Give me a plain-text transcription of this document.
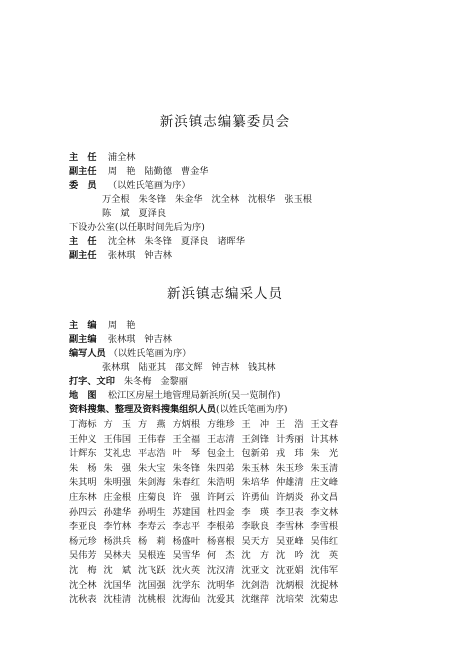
新浜镇志编纂委员会
主　任 浦全林
副主任 周　艳 陆勤德 曹金华
委　员 （以姓氏笔画为序）
万全根 朱冬锋 朱金华 沈全林 沈根华 张玉根
陈　斌 夏泽良
下设办公室(以任职时间先后为序)
主　任 沈全林 朱冬锋 夏泽良 诸晖华
副主任 张林琪 钟吉林
新浜镇志编采人员
主　编 周　艳
副主编 张林琪 钟吉林
编写人员 （以姓氏笔画为序）
张林琪 陆亚其 邵文辉 钟吉林 钱其林
打字、文印 朱冬梅 金黎丽
地　图 松江区房屋土地管理局新浜所(吴一览制作)
资料搜集、整理及资料搜集组织人员(以姓氏笔画为序)
丁海标 方　玉 方　燕 方炳根 方维珍 王　冲 王　浩 王文春
王仲义 王伟国 王伟春 王全福 王志清 王剑锋 计秀丽 计其林
计辉东 艾礼忠 平志浩 叶　琴 包金土 包新弟 戎　玮 朱　光
朱　杨 朱　强 朱大宝 朱冬锋 朱四弟 朱玉林 朱玉珍 朱玉清
朱其明 朱明强 朱剑海 朱春红 朱浩明 朱培华 仲雄清 庄文峰
庄东林 庄金根 庄菊良 许　强 许阿云 许勇仙 许炳炎 孙文昌
孙四云 孙建华 孙明生 苏建国 杜四金 李　瑛 李卫表 李文林
李亚良 李竹林 李寿云 李志平 李根弟 李耿良 李雪林 李雪根
杨元珍 杨洪兵 杨　莉 杨盛叶 杨喜根 吴天方 吴亚峰 吴伟红
吴伟芳 吴林夫 吴根连 吴雪华 何　杰 沈　方 沈　吟 沈　英
沈　梅 沈　斌 沈飞跃 沈火英 沈汉清 沈亚文 沈亚娟 沈伟军
沈仝林 沈国华 沈国强 沈学东 沈明华 沈剑浩 沈炳根 沈捉林
沈秋表 沈桂清 沈桃根 沈海仙 沈爱其 沈继萍 沈培荣 沈菊忠
